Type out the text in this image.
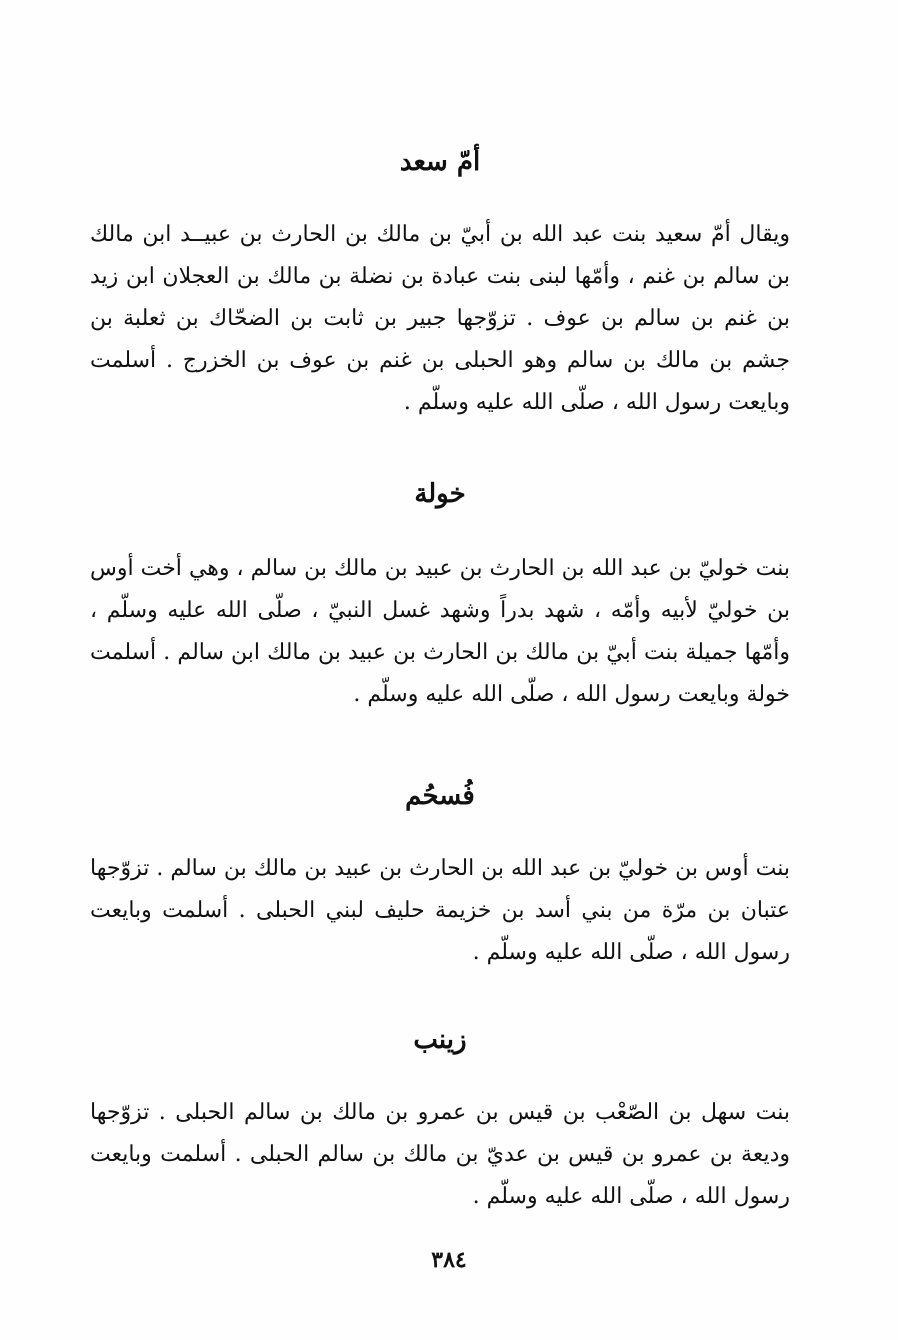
أمّ سعد

ويقال أمّ سعيد بنت عبد الله بن أبيّ بن مالك بن الحارث بن عبيــد ابن مالك بن سالم بن غنم ، وأمّها لبنى بنت عبادة بن نضلة بن مالك بن العجلان ابن زيد بن غنم بن سالم بن عوف . تزوّجها جبير بن ثابت بن الضحّاك بن ثعلبة بن جشم بن مالك بن سالم وهو الحبلى بن غنم بن عوف بن الخزرج . أسلمت وبايعت رسول الله ، صلّى الله عليه وسلّم .

خولة

بنت خوليّ بن عبد الله بن الحارث بن عبيد بن مالك بن سالم ، وهي أخت أوس بن خوليّ لأبيه وأمّه ، شهد بدراً وشهد غسل النبيّ ، صلّى الله عليه وسلّم ، وأمّها جميلة بنت أبيّ بن مالك بن الحارث بن عبيد بن مالك ابن سالم . أسلمت خولة وبايعت رسول الله ، صلّى الله عليه وسلّم .

فُسحُم

بنت أوس بن خوليّ بن عبد الله بن الحارث بن عبيد بن مالك بن سالم . تزوّجها عتبان بن مرّة من بني أسد بن خزيمة حليف لبني الحبلى . أسلمت وبايعت رسول الله ، صلّى الله عليه وسلّم .

زينب

بنت سهل بن الصّعْب بن قيس بن عمرو بن مالك بن سالم الحبلى . تزوّجها وديعة بن عمرو بن قيس بن عديّ بن مالك بن سالم الحبلى . أسلمت وبايعت رسول الله ، صلّى الله عليه وسلّم .

٣٨٤
